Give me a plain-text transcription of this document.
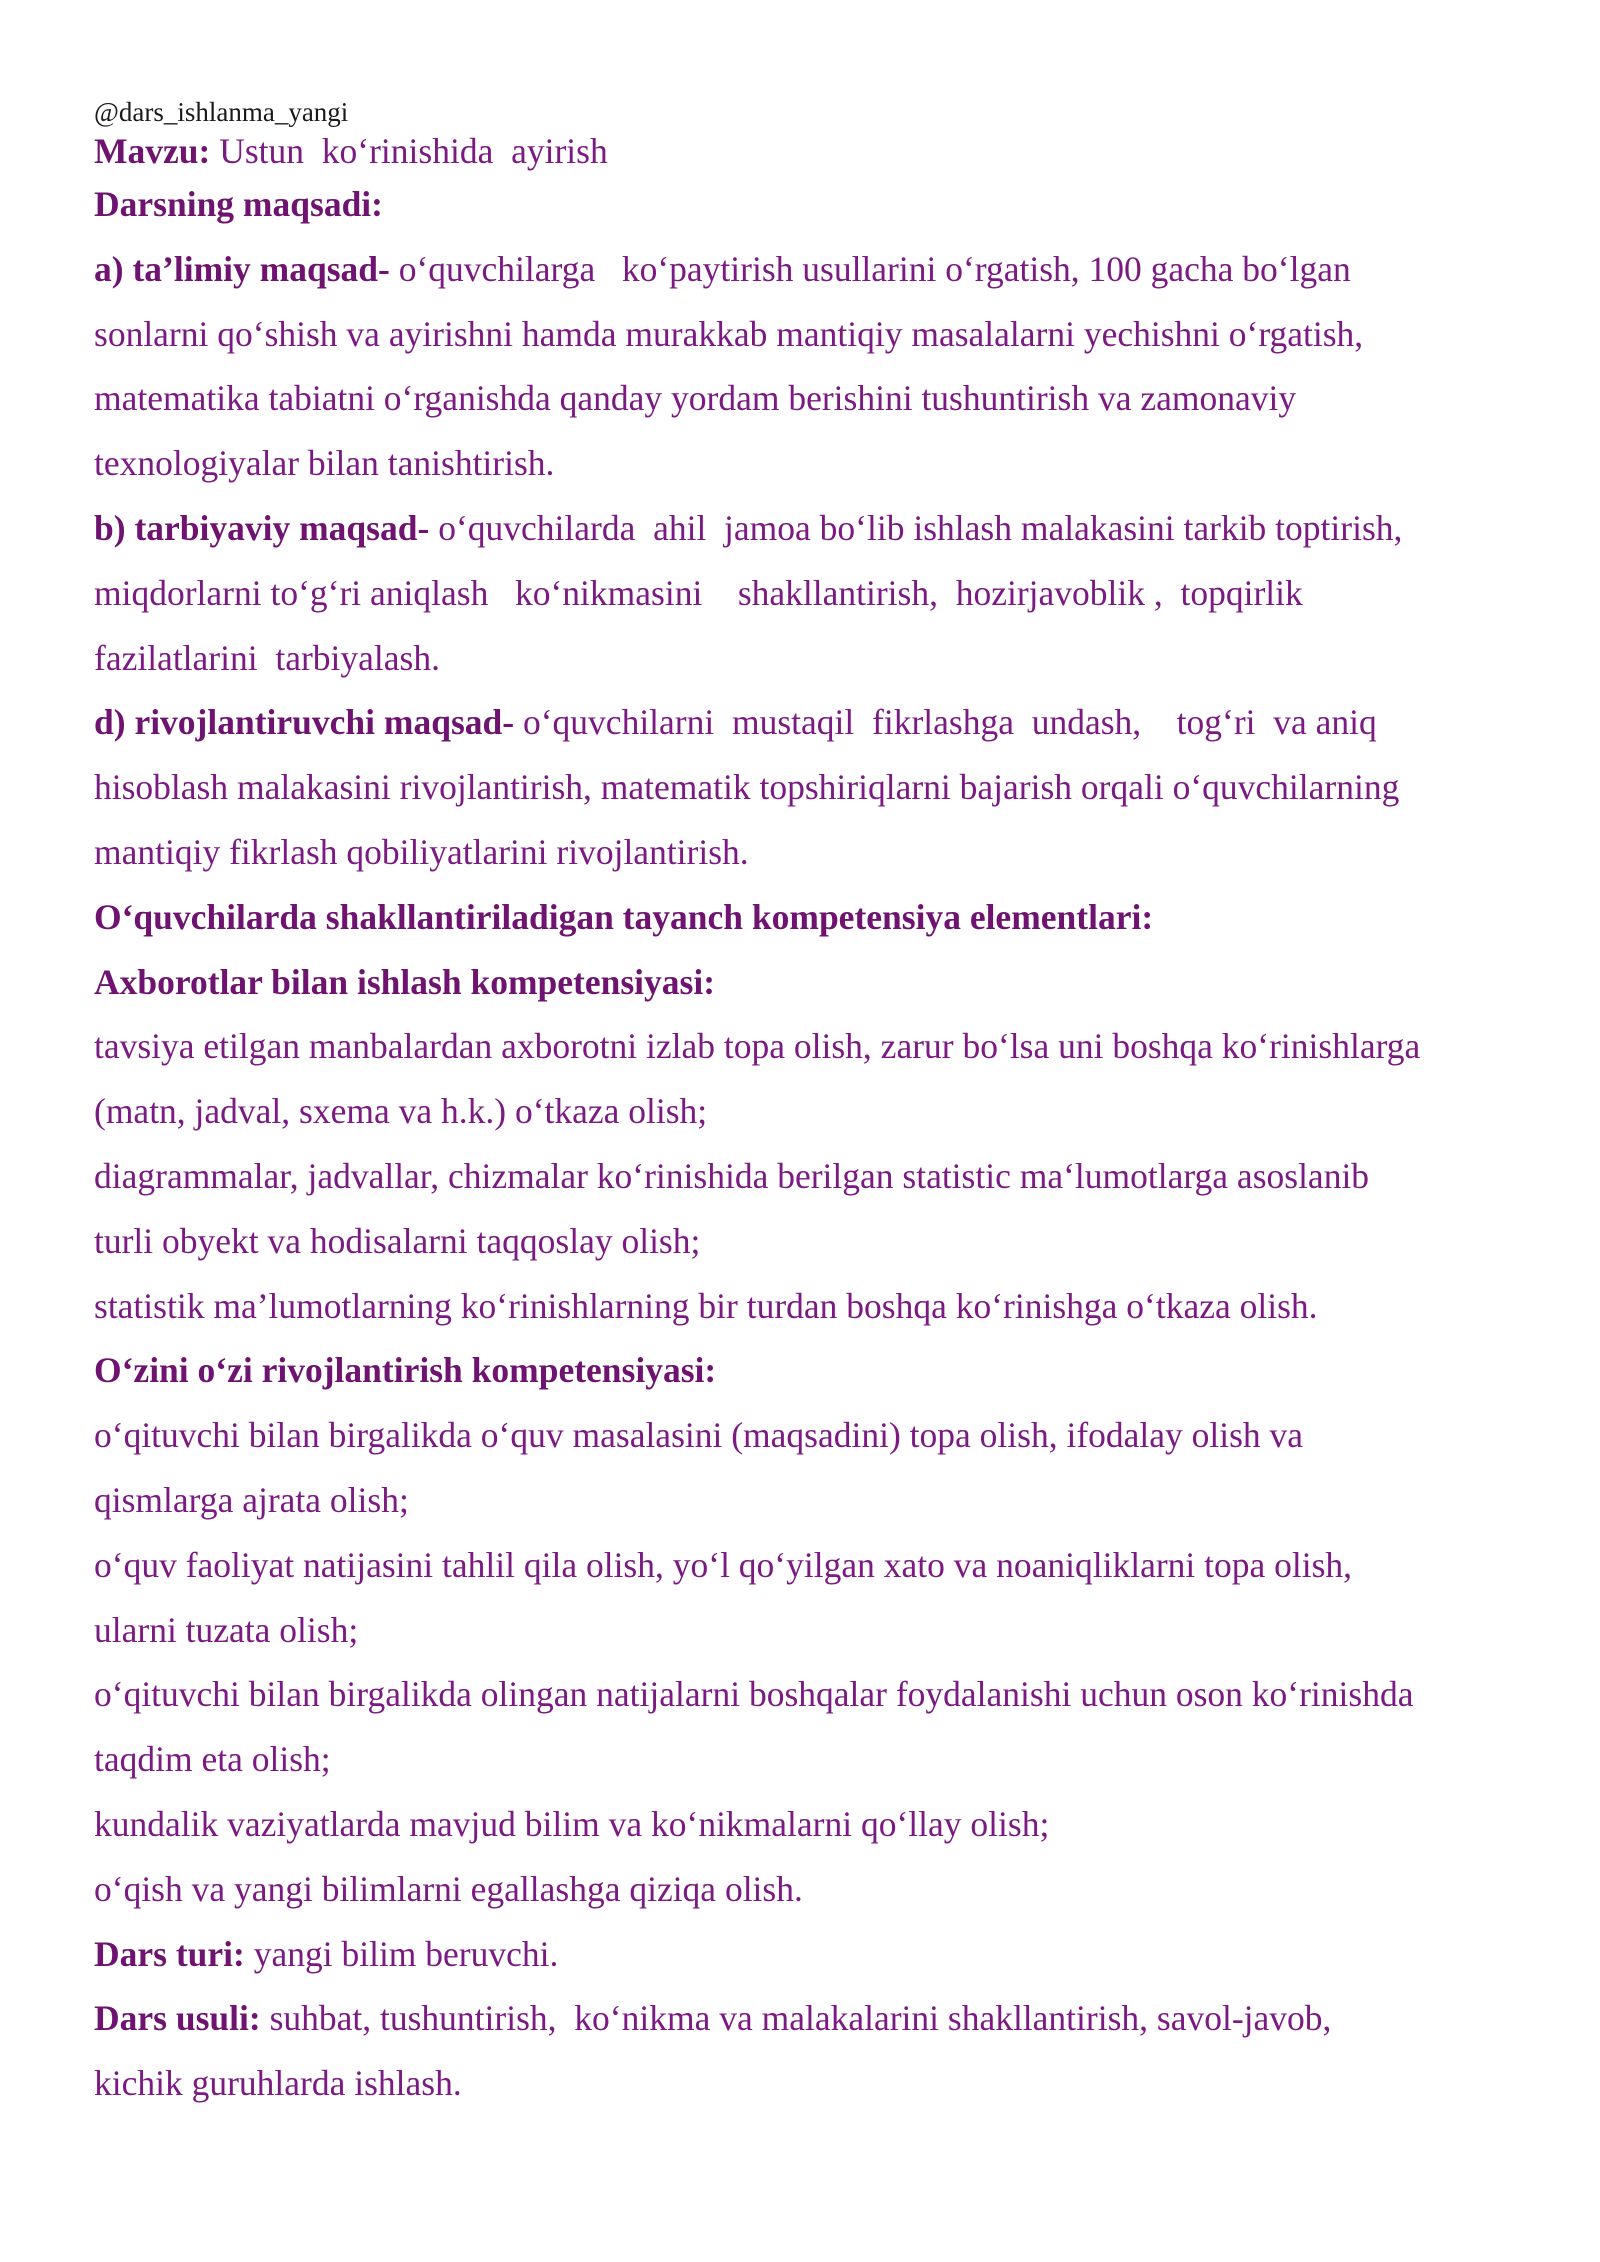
@dars_ishlanma_yangi
Mavzu: Ustun  ko‘rinishida  ayirish
Darsning maqsadi:
a) ta’limiy maqsad- o‘quvchilarga   ko‘paytirish usullarini o‘rgatish, 100 gacha bo‘lgan
sonlarni qo‘shish va ayirishni hamda murakkab mantiqiy masalalarni yechishni o‘rgatish,
matematika tabiatni o‘rganishda qanday yordam berishini tushuntirish va zamonaviy
texnologiyalar bilan tanishtirish.
b) tarbiyaviy maqsad- o‘quvchilarda  ahil  jamoa bo‘lib ishlash malakasini tarkib toptirish,
miqdorlarni to‘g‘ri aniqlash   ko‘nikmasini    shakllantirish,  hozirjavoblik ,  topqirlik
fazilatlarini  tarbiyalash.
d) rivojlantiruvchi maqsad- o‘quvchilarni  mustaqil  fikrlashga  undash,    tog‘ri  va aniq
hisoblash malakasini rivojlantirish, matematik topshiriqlarni bajarish orqali o‘quvchilarning
mantiqiy fikrlash qobiliyatlarini rivojlantirish.
O‘quvchilarda shakllantiriladigan tayanch kompetensiya elementlari:
Axborotlar bilan ishlash kompetensiyasi:
tavsiya etilgan manbalardan axborotni izlab topa olish, zarur bo‘lsa uni boshqa ko‘rinishlarga
(matn, jadval, sxema va h.k.) o‘tkaza olish;
diagrammalar, jadvallar, chizmalar ko‘rinishida berilgan statistic ma‘lumotlarga asoslanib
turli obyekt va hodisalarni taqqoslay olish;
statistik ma’lumotlarning ko‘rinishlarning bir turdan boshqa ko‘rinishga o‘tkaza olish.
O‘zini o‘zi rivojlantirish kompetensiyasi:
o‘qituvchi bilan birgalikda o‘quv masalasini (maqsadini) topa olish, ifodalay olish va
qismlarga ajrata olish;
o‘quv faoliyat natijasini tahlil qila olish, yo‘l qo‘yilgan xato va noaniqliklarni topa olish,
ularni tuzata olish;
o‘qituvchi bilan birgalikda olingan natijalarni boshqalar foydalanishi uchun oson ko‘rinishda
taqdim eta olish;
kundalik vaziyatlarda mavjud bilim va ko‘nikmalarni qo‘llay olish;
o‘qish va yangi bilimlarni egallashga qiziqa olish.
Dars turi: yangi bilim beruvchi.
Dars usuli: suhbat, tushuntirish,  ko‘nikma va malakalarini shakllantirish, savol-javob,
kichik guruhlarda ishlash.
